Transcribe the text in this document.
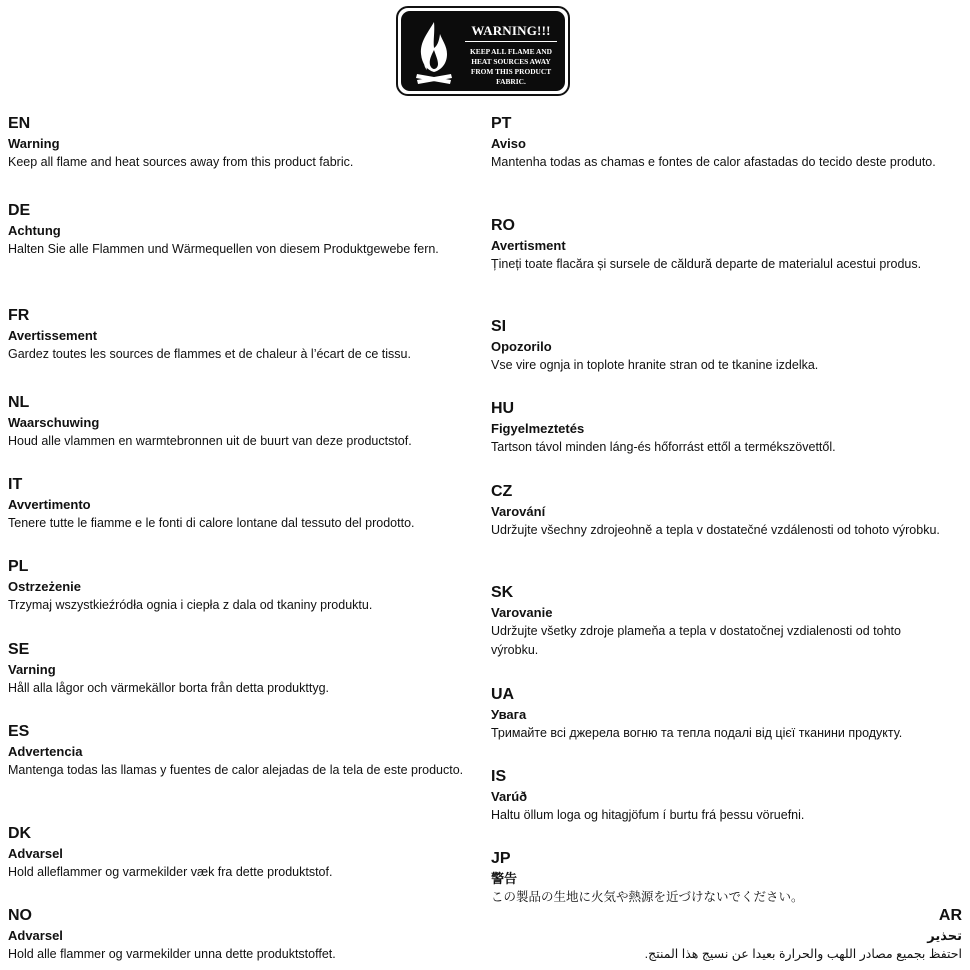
WARNING!!!
KEEP ALL FLAME AND HEAT SOURCES AWAY FROM THIS PRODUCT FABRIC.
EN
Warning
Keep all flame and heat sources away from this product fabric.
DE
Achtung
Halten Sie alle Flammen und Wärmequellen von diesem Produktgewebe fern.
FR
Avertissement
Gardez toutes les sources de flammes et de chaleur à l’écart de ce tissu.
NL
Waarschuwing
Houd alle vlammen en warmtebronnen uit de buurt van deze productstof.
IT
Avvertimento
Tenere tutte le fiamme e le fonti di calore lontane dal tessuto del prodotto.
PL
Ostrzeżenie
Trzymaj wszystkieźródła ognia i ciepła z dala od tkaniny produktu.
SE
Varning
Håll alla lågor och värmekällor borta från detta produkttyg.
ES
Advertencia
Mantenga todas las llamas y fuentes de calor alejadas de la tela de este producto.
DK
Advarsel
Hold alleflammer og varmekilder væk fra dette produktstof.
NO
Advarsel
Hold alle flammer og varmekilder unna dette produktstoffet.
PT
Aviso
Mantenha todas as chamas e fontes de calor afastadas do tecido deste produto.
RO
Avertisment
Țineți toate flacăra și sursele de căldură departe de materialul acestui produs.
SI
Opozorilo
Vse vire ognja in toplote hranite stran od te tkanine izdelka.
HU
Figyelmeztetés
Tartson távol minden láng-és hőforrást ettől a termékszövettől.
CZ
Varování
Udržujte všechny zdrojeohně a tepla v dostatečné vzdálenosti od tohoto výrobku.
SK
Varovanie
Udržujte všetky zdroje plameňa a tepla v dostatočnej vzdialenosti od tohto výrobku.
UA
Увага
Тримайте всі джерела вогню та тепла подалі від цієї тканини продукту.
IS
Varúð
Haltu öllum loga og hitagjöfum í burtu frá þessu vöruefni.
JP
警告
この製品の生地に火気や熱源を近づけないでください。
AR
تحذير
احتفظ بجميع مصادر اللهب والحرارة بعيدا عن نسيج هذا المنتج.
